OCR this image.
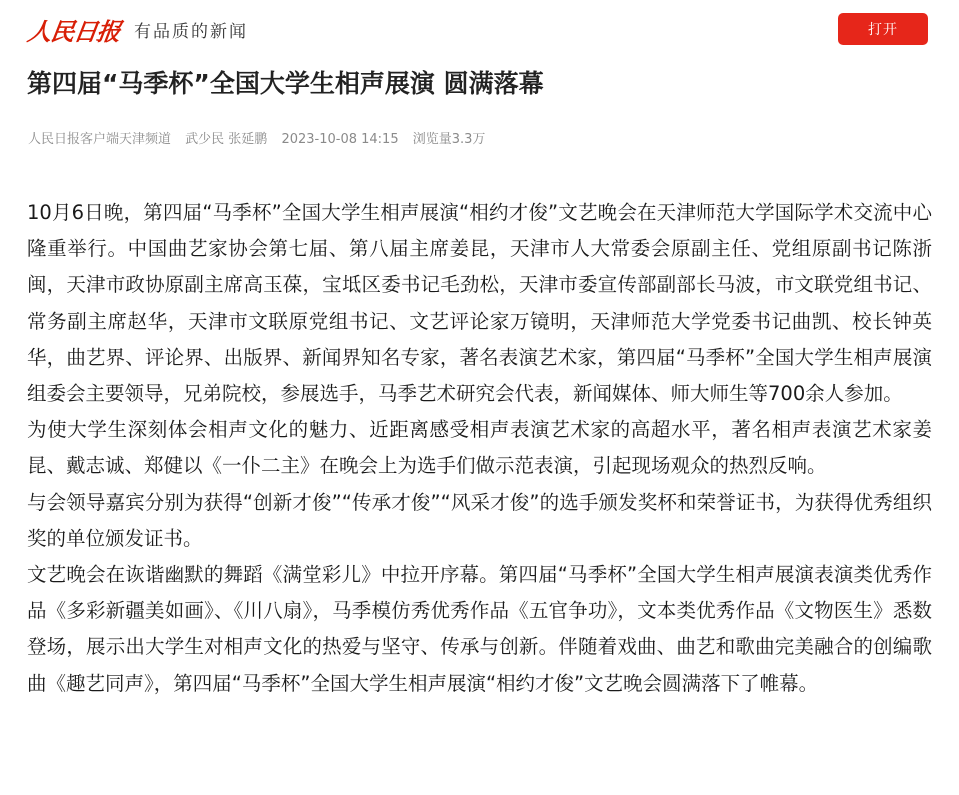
人民日报 有品质的新闻	打开
第四届“马季杯”全国大学生相声展演 圆满落幕
人民日报客户端天津频道 武少民 张延鹏 2023-10-08 14:15 浏览量3.3万

10月6日晚，第四届“马季杯”全国大学生相声展演“相约才俊”文艺晚会在天津师范大学国际学术交流中心隆重举行。中国曲艺家协会第七届、第八届主席姜昆，天津市人大常委会原副主任、党组原副书记陈浙闽，天津市政协原副主席高玉葆，宝坻区委书记毛劲松，天津市委宣传部副部长马波，市文联党组书记、常务副主席赵华，天津市文联原党组书记、文艺评论家万镜明，天津师范大学党委书记曲凯、校长钟英华，曲艺界、评论界、出版界、新闻界知名专家，著名表演艺术家，第四届“马季杯”全国大学生相声展演组委会主要领导，兄弟院校，参展选手，马季艺术研究会代表，新闻媒体、师大师生等700余人参加。

为使大学生深刻体会相声文化的魅力、近距离感受相声表演艺术家的高超水平，著名相声表演艺术家姜昆、戴志诚、郑健以《一仆二主》在晚会上为选手们做示范表演，引起现场观众的热烈反响。

与会领导嘉宾分别为获得“创新才俊”“传承才俊”“风采才俊”的选手颁发奖杯和荣誉证书，为获得优秀组织奖的单位颁发证书。

文艺晚会在诙谐幽默的舞蹈《满堂彩儿》中拉开序幕。第四届“马季杯”全国大学生相声展演表演类优秀作品《多彩新疆美如画》、《川八扇》，马季模仿秀优秀作品《五官争功》，文本类优秀作品《文物医生》悉数登场，展示出大学生对相声文化的热爱与坚守、传承与创新。伴随着戏曲、曲艺和歌曲完美融合的创编歌曲《趣艺同声》，第四届“马季杯”全国大学生相声展演“相约才俊”文艺晚会圆满落下了帷幕。
